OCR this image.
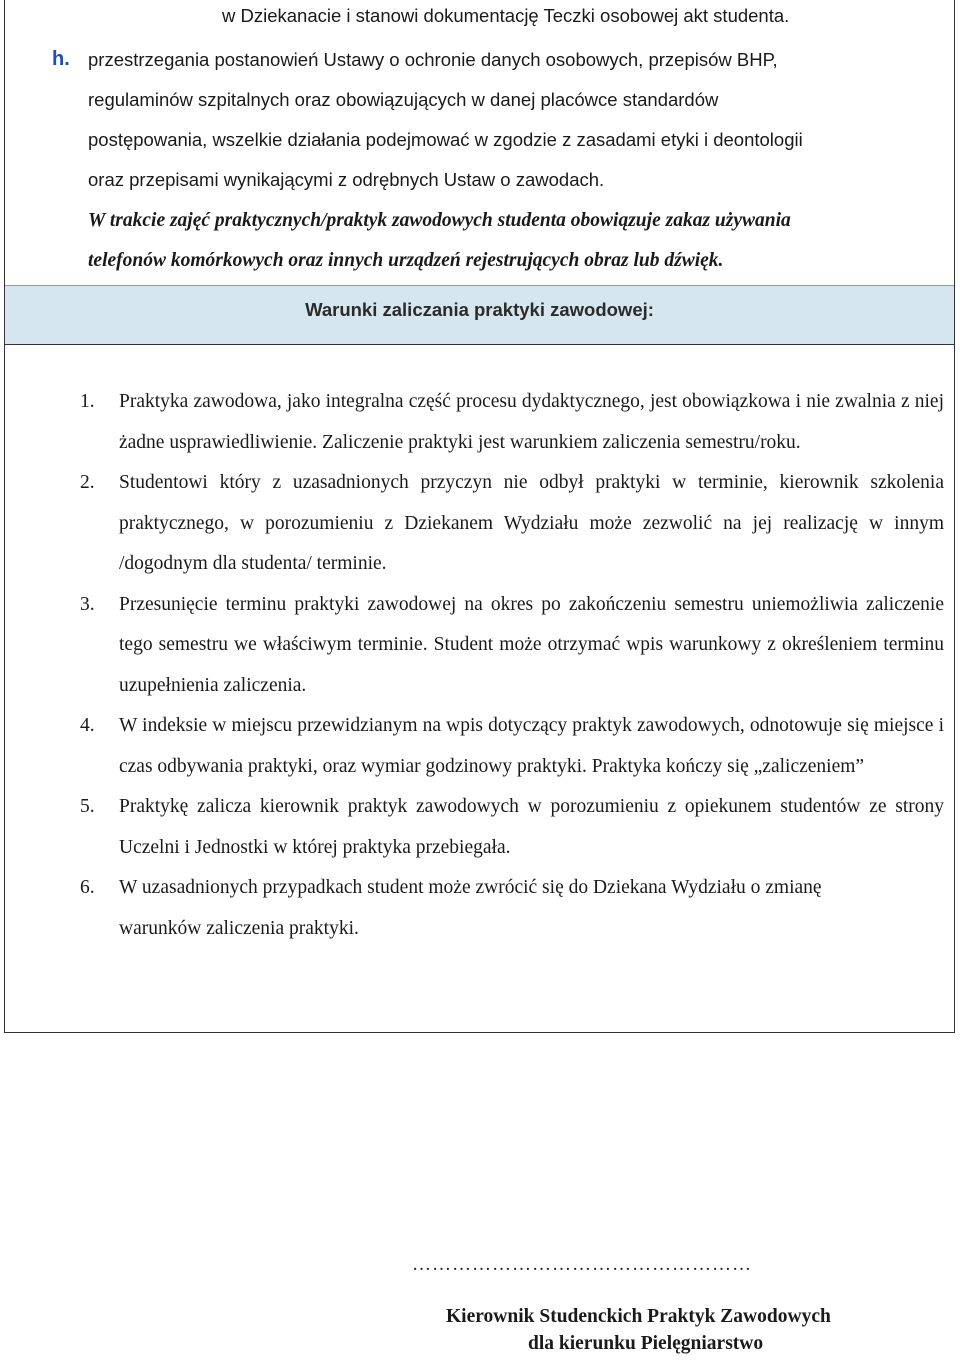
w Dziekanacie i stanowi dokumentację Teczki osobowej akt studenta.
h. przestrzegania postanowień Ustawy o ochronie danych osobowych, przepisów BHP,
regulaminów szpitalnych oraz obowiązujących w danej placówce standardów
postępowania, wszelkie działania podejmować w zgodzie z zasadami etyki i deontologii
oraz przepisami wynikającymi z odrębnych Ustaw o zawodach.
W trakcie zajęć praktycznych/praktyk zawodowych studenta obowiązuje zakaz używania
telefonów komórkowych oraz innych urządzeń rejestrujących obraz lub dźwięk.
Warunki zaliczania praktyki zawodowej:
1. Praktyka zawodowa, jako integralna część procesu dydaktycznego, jest obowiązkowa i nie zwalnia z niej żadne usprawiedliwienie. Zaliczenie praktyki jest warunkiem zaliczenia semestru/roku.
2. Studentowi który z uzasadnionych przyczyn nie odbył praktyki w terminie, kierownik szkolenia praktycznego, w porozumieniu z Dziekanem Wydziału może zezwolić na jej realizację w innym /dogodnym dla studenta/ terminie.
3. Przesunięcie terminu praktyki zawodowej na okres po zakończeniu semestru uniemożliwia zaliczenie tego semestru we właściwym terminie. Student może otrzymać wpis warunkowy z określeniem terminu uzupełnienia zaliczenia.
4. W indeksie w miejscu przewidzianym na wpis dotyczący praktyk zawodowych, odnotowuje się miejsce i czas odbywania praktyki, oraz wymiar godzinowy praktyki. Praktyka kończy się „zaliczeniem”
5. Praktykę zalicza kierownik praktyk zawodowych w porozumieniu z opiekunem studentów ze strony Uczelni i Jednostki w której praktyka przebiegała.
6. W uzasadnionych przypadkach student może zwrócić się do Dziekana Wydziału o zmianę warunków zaliczenia praktyki.
……………………………………………
Kierownik Studenckich Praktyk Zawodowych
dla kierunku Pielęgniarstwo
